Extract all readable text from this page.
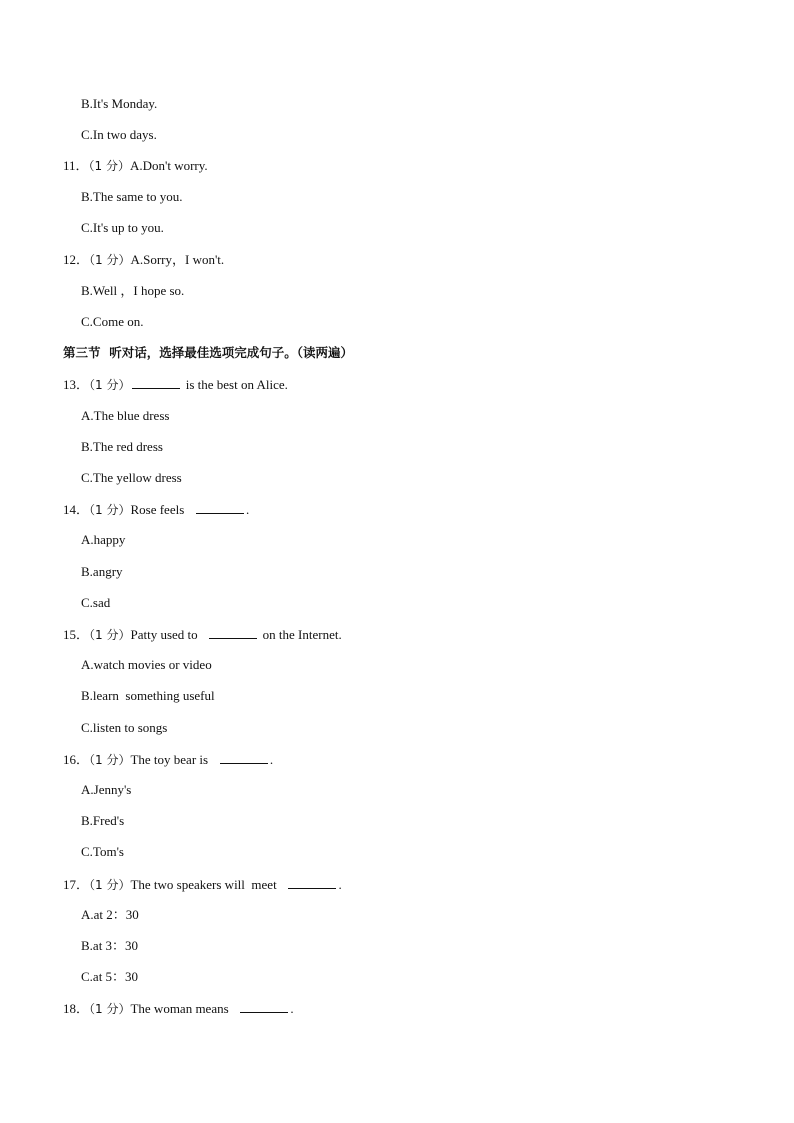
B.It's Monday.
C.In two days.
11．（1 分）A.Don't worry.
B.The same to you.
C.It's up to you.
12．（1 分）A.Sorry，I won't.
B.Well ，I hope so.
C.Come on.
第三节  听对话，选择最佳选项完成句子。（读两遍）
13．（1 分）	is the best on Alice.
A.The blue dress
B.The red dress
C.The yellow dress
14．（1 分）Rose feels	.
A.happy
B.angry
C.sad
15．（1 分）Patty used to	on the Internet.
A.watch movies or video
B.learn  something useful
C.listen to songs
16．（1 分）The toy bear is	.
A.Jenny's
B.Fred's
C.Tom's
17．（1 分）The two speakers will  meet	.
A.at 2：30
B.at 3：30
C.at 5：30
18．（1 分）The woman means	.
